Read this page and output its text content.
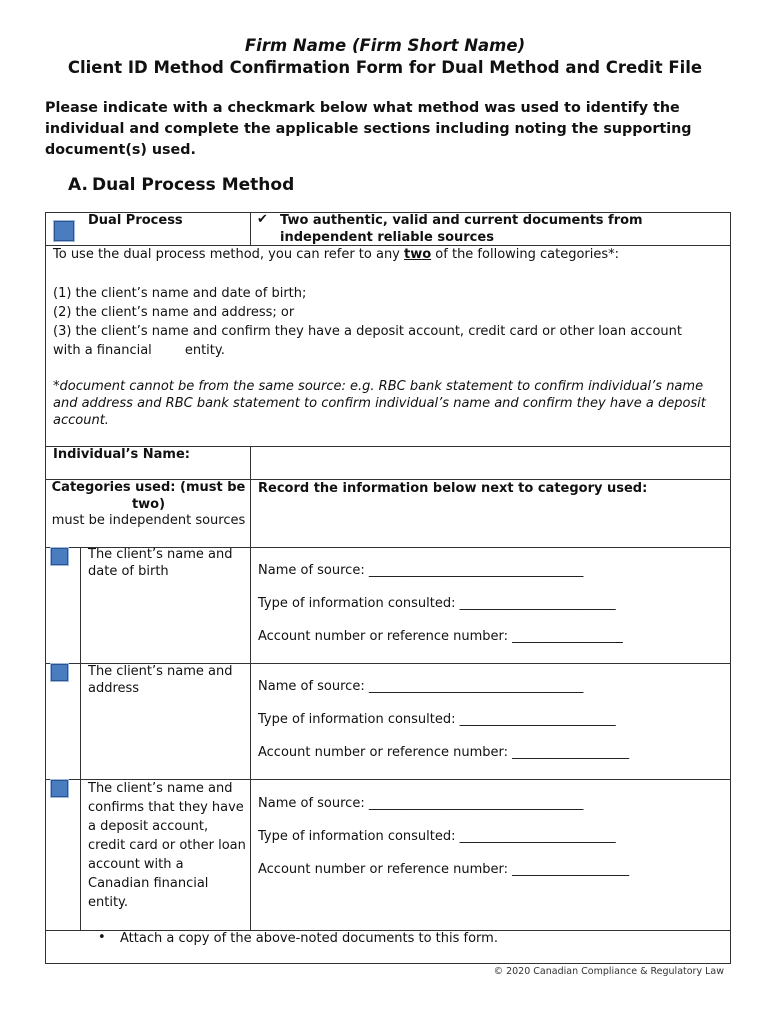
Firm Name (Firm Short Name)
Client ID Method Confirmation Form for Dual Method and Credit File
Please indicate with a checkmark below what method was used to identify the individual and complete the applicable sections including noting the supporting document(s) used.
A. Dual Process Method
Dual Process	✔ Two authentic, valid and current documents from independent reliable sources
To use the dual process method, you can refer to any two of the following categories*:
(1) the client’s name and date of birth;
(2) the client’s name and address; or
(3) the client’s name and confirm they have a deposit account, credit card or other loan account
with a financial        entity.
*document cannot be from the same source: e.g. RBC bank statement to confirm individual’s name and address and RBC bank statement to confirm individual’s name and confirm they have a deposit account.
Individual’s Name:
Categories used: (must be two)
must be independent sources
Record the information below next to category used:
The client’s name and date of birth	Name of source: _________________________________
Type of information consulted: ________________________
Account number or reference number: _________________̲
The client’s name and address	Name of source: _________________________________
Type of information consulted: ________________________
Account number or reference number: __________________
The client’s name and confirms that they have a deposit account, credit card or other loan account with a Canadian financial entity.
Name of source: _________________________________
Type of information consulted: ________________________
Account number or reference number: __________________
• Attach a copy of the above-noted documents to this form.
© 2020 Canadian Compliance & Regulatory Law
